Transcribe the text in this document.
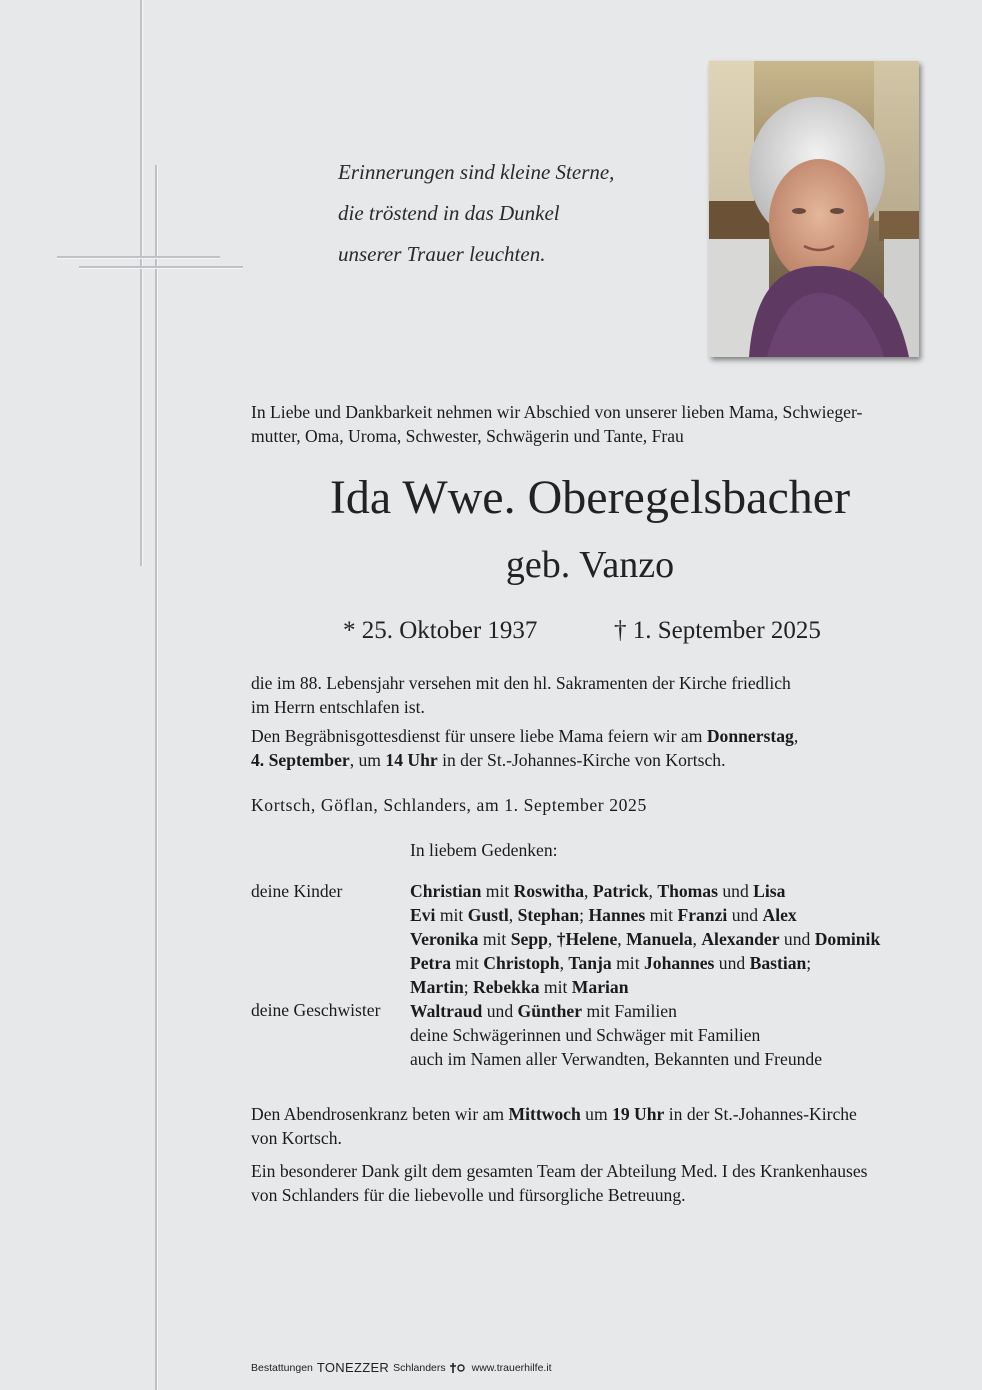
Erinnerungen sind kleine Sterne,
die tröstend in das Dunkel
unserer Trauer leuchten.
In Liebe und Dankbarkeit nehmen wir Abschied von unserer lieben Mama, Schwieger-
mutter, Oma, Uroma, Schwester, Schwägerin und Tante, Frau
Ida Wwe. Oberegelsbacher
geb. Vanzo
* 25. Oktober 1937	† 1. September 2025
die im 88. Lebensjahr versehen mit den hl. Sakramenten der Kirche friedlich
im Herrn entschlafen ist.
Den Begräbnisgottesdienst für unsere liebe Mama feiern wir am Donnerstag,
4. September, um 14 Uhr in der St.-Johannes-Kirche von Kortsch.
Kortsch, Göflan, Schlanders, am 1. September 2025
In liebem Gedenken:
deine Kinder
deine Geschwister
Christian mit Roswitha, Patrick, Thomas und Lisa
Evi mit Gustl, Stephan; Hannes mit Franzi und Alex
Veronika mit Sepp, †Helene, Manuela, Alexander und Dominik
Petra mit Christoph, Tanja mit Johannes und Bastian;
Martin; Rebekka mit Marian
Waltraud und Günther mit Familien
deine Schwägerinnen und Schwäger mit Familien
auch im Namen aller Verwandten, Bekannten und Freunde
Den Abendrosenkranz beten wir am Mittwoch um 19 Uhr in der St.-Johannes-Kirche
von Kortsch.
Ein besonderer Dank gilt dem gesamten Team der Abteilung Med. I des Krankenhauses
von Schlanders für die liebevolle und fürsorgliche Betreuung.
Bestattungen TONEZZER Schlanders www.trauerhilfe.it
